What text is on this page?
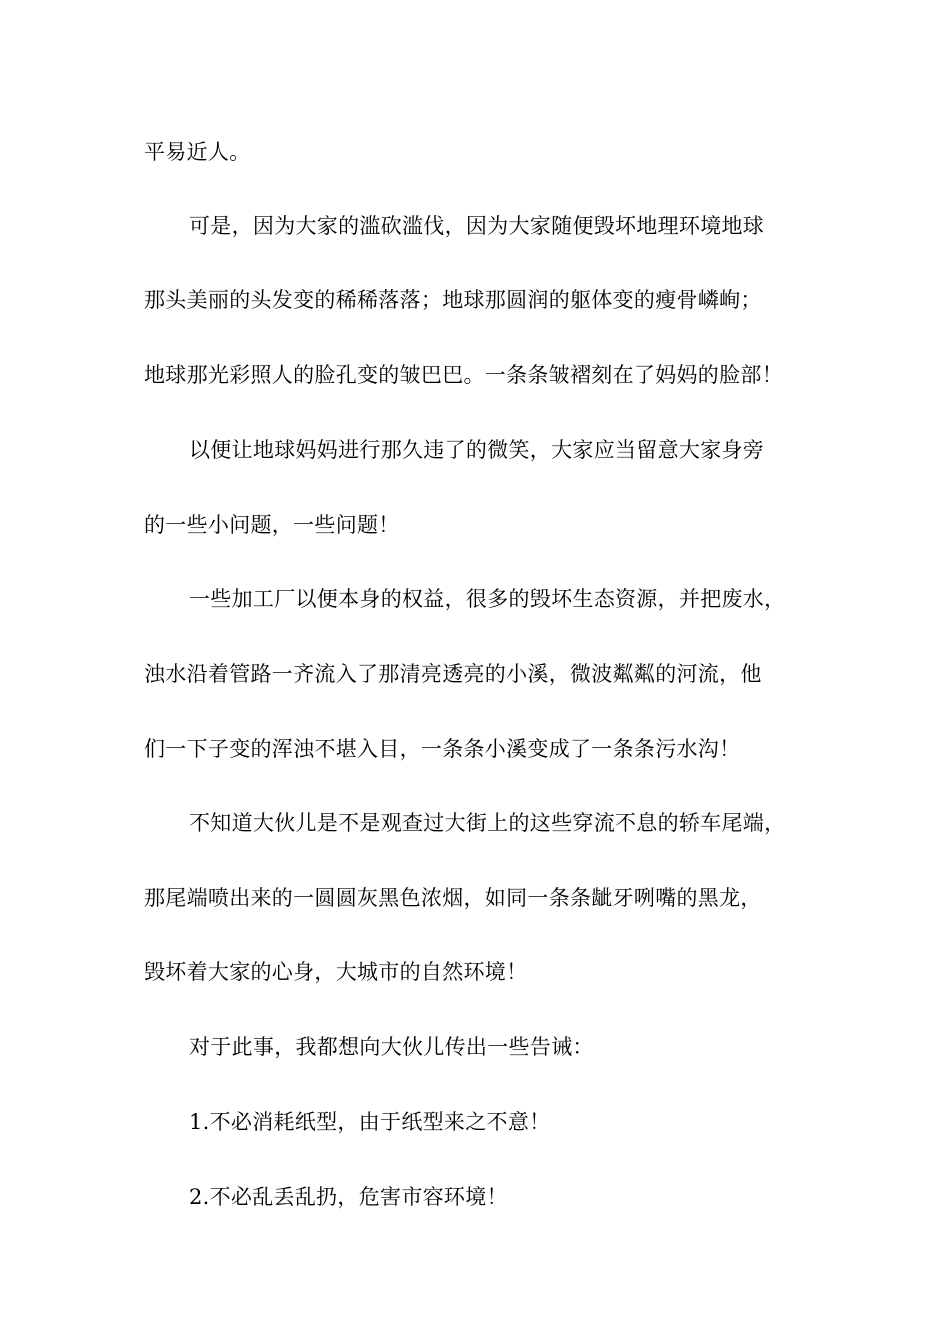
平易近人。
可是，因为大家的滥砍滥伐，因为大家随便毁坏地理环境地球
那头美丽的头发变的稀稀落落；地球那圆润的躯体变的瘦骨嶙峋；
地球那光彩照人的脸孔变的皱巴巴。一条条皱褶刻在了妈妈的脸部！
以便让地球妈妈进行那久违了的微笑，大家应当留意大家身旁
的一些小问题，一些问题！
一些加工厂以便本身的权益，很多的毁坏生态资源，并把废水，
浊水沿着管路一齐流入了那清亮透亮的小溪，微波粼粼的河流，他
们一下子变的浑浊不堪入目，一条条小溪变成了一条条污水沟！
不知道大伙儿是不是观查过大街上的这些穿流不息的轿车尾端，
那尾端喷出来的一圆圆灰黑色浓烟，如同一条条龇牙咧嘴的黑龙，
毁坏着大家的心身，大城市的自然环境！
对于此事，我都想向大伙儿传出一些告诫：
1.不必消耗纸型，由于纸型来之不意！
2.不必乱丢乱扔，危害市容环境！
